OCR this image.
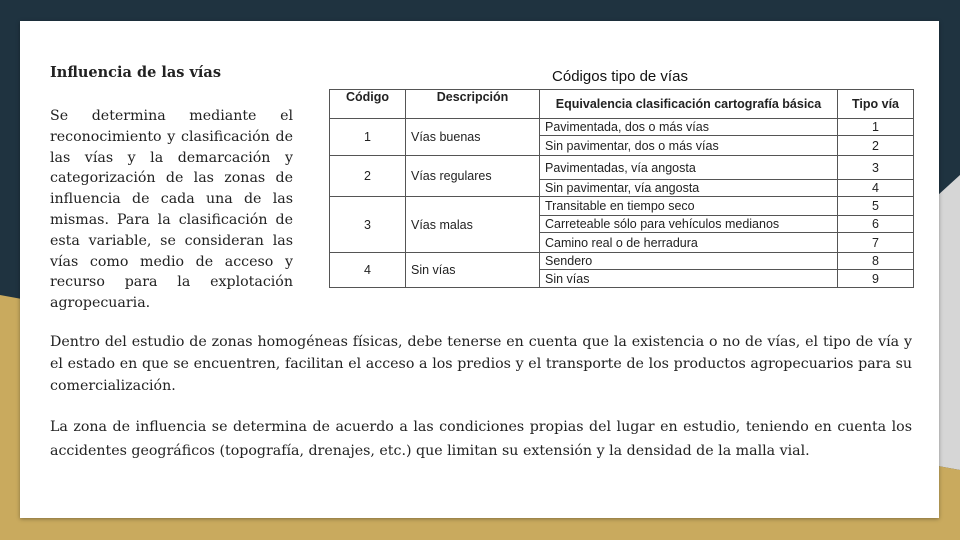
Influencia de las vías

Se determina mediante el reconocimiento y clasificación de las vías y la demarcación y categorización de las zonas de influencia de cada una de las mismas. Para la clasificación de esta variable, se consideran las vías como medio de acceso y recurso para la explotación agropecuaria.

Códigos tipo de vías
Código	Descripción	Equivalencia clasificación cartografía básica	Tipo vía
1	Vías buenas	Pavimentada, dos o más vías	1
		Sin pavimentar, dos o más vías	2
2	Vías regulares	Pavimentadas, vía angosta	3
		Sin pavimentar, vía angosta	4
3	Vías malas	Transitable en tiempo seco	5
		Carreteable sólo para vehículos medianos	6
		Camino real o de herradura	7
4	Sin vías	Sendero	8
		Sin vías	9

Dentro del estudio de zonas homogéneas físicas, debe tenerse en cuenta que la existencia o no de vías, el tipo de vía y el estado en que se encuentren, facilitan el acceso a los predios y el transporte de los productos agropecuarios para su comercialización.

La zona de influencia se determina de acuerdo a las condiciones propias del lugar en estudio, teniendo en cuenta los accidentes geográficos (topografía, drenajes, etc.) que limitan su extensión y la densidad de la malla vial.
